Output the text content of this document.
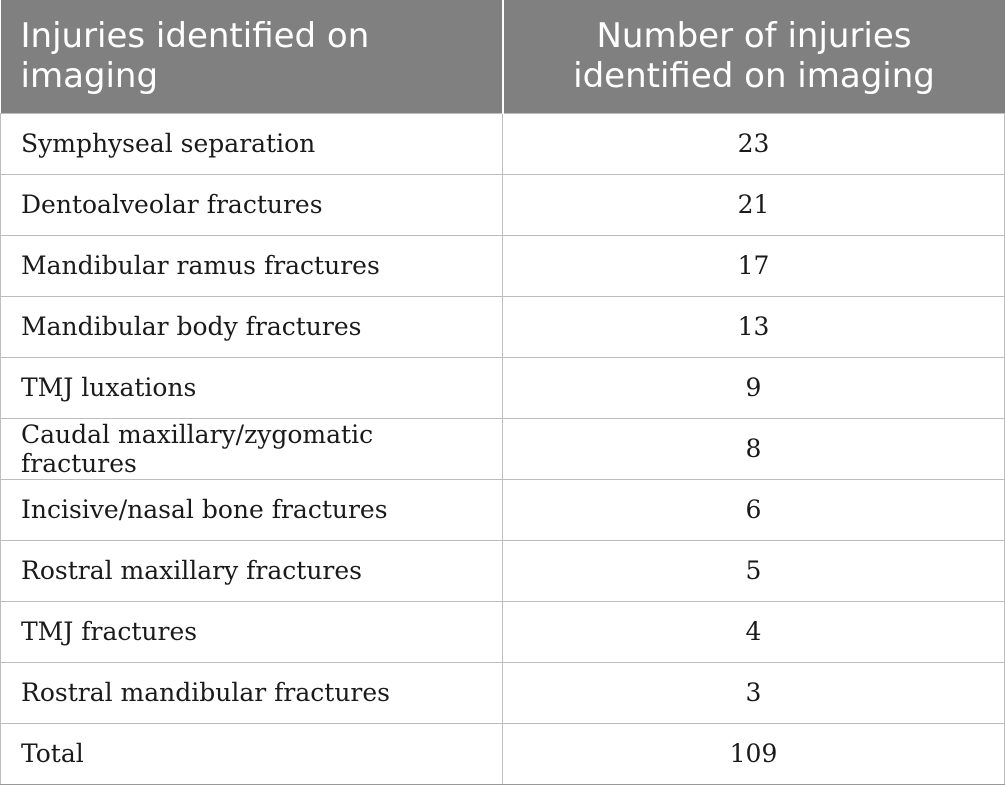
Injuries identified on imaging	Number of injuries identified on imaging
Symphyseal separation	23
Dentoalveolar fractures	21
Mandibular ramus fractures	17
Mandibular body fractures	13
TMJ luxations	9
Caudal maxillary/zygomatic fractures	8
Incisive/nasal bone fractures	6
Rostral maxillary fractures	5
TMJ fractures	4
Rostral mandibular fractures	3
Total	109
